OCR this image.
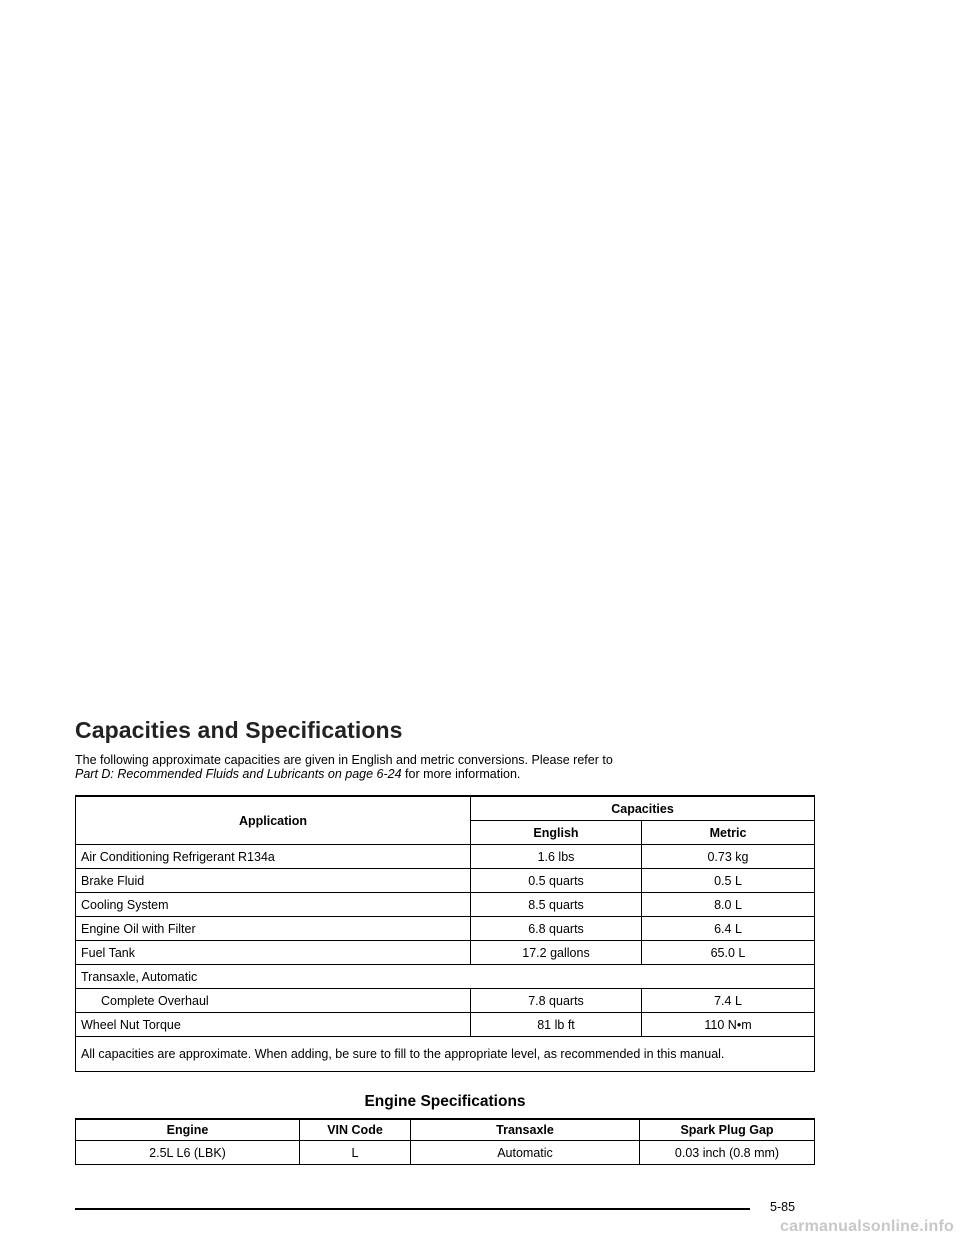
Capacities and Specifications

The following approximate capacities are given in English and metric conversions. Please refer to
Part D: Recommended Fluids and Lubricants on page 6-24 for more information.

Application	Capacities	
	English	Metric
Air Conditioning Refrigerant R134a	1.6 lbs	0.73 kg
Brake Fluid	0.5 quarts	0.5 L
Cooling System	8.5 quarts	8.0 L
Engine Oil with Filter	6.8 quarts	6.4 L
Fuel Tank	17.2 gallons	65.0 L
Transaxle, Automatic		
Complete Overhaul	7.8 quarts	7.4 L
Wheel Nut Torque	81 lb ft	110 N•m
All capacities are approximate. When adding, be sure to fill to the appropriate level, as recommended in this manual.		
Engine Specifications
Engine	VIN Code	Transaxle	Spark Plug Gap
2.5L L6 (LBK)	L	Automatic	0.03 inch (0.8 mm)
5-85
carmanualsonline.info
